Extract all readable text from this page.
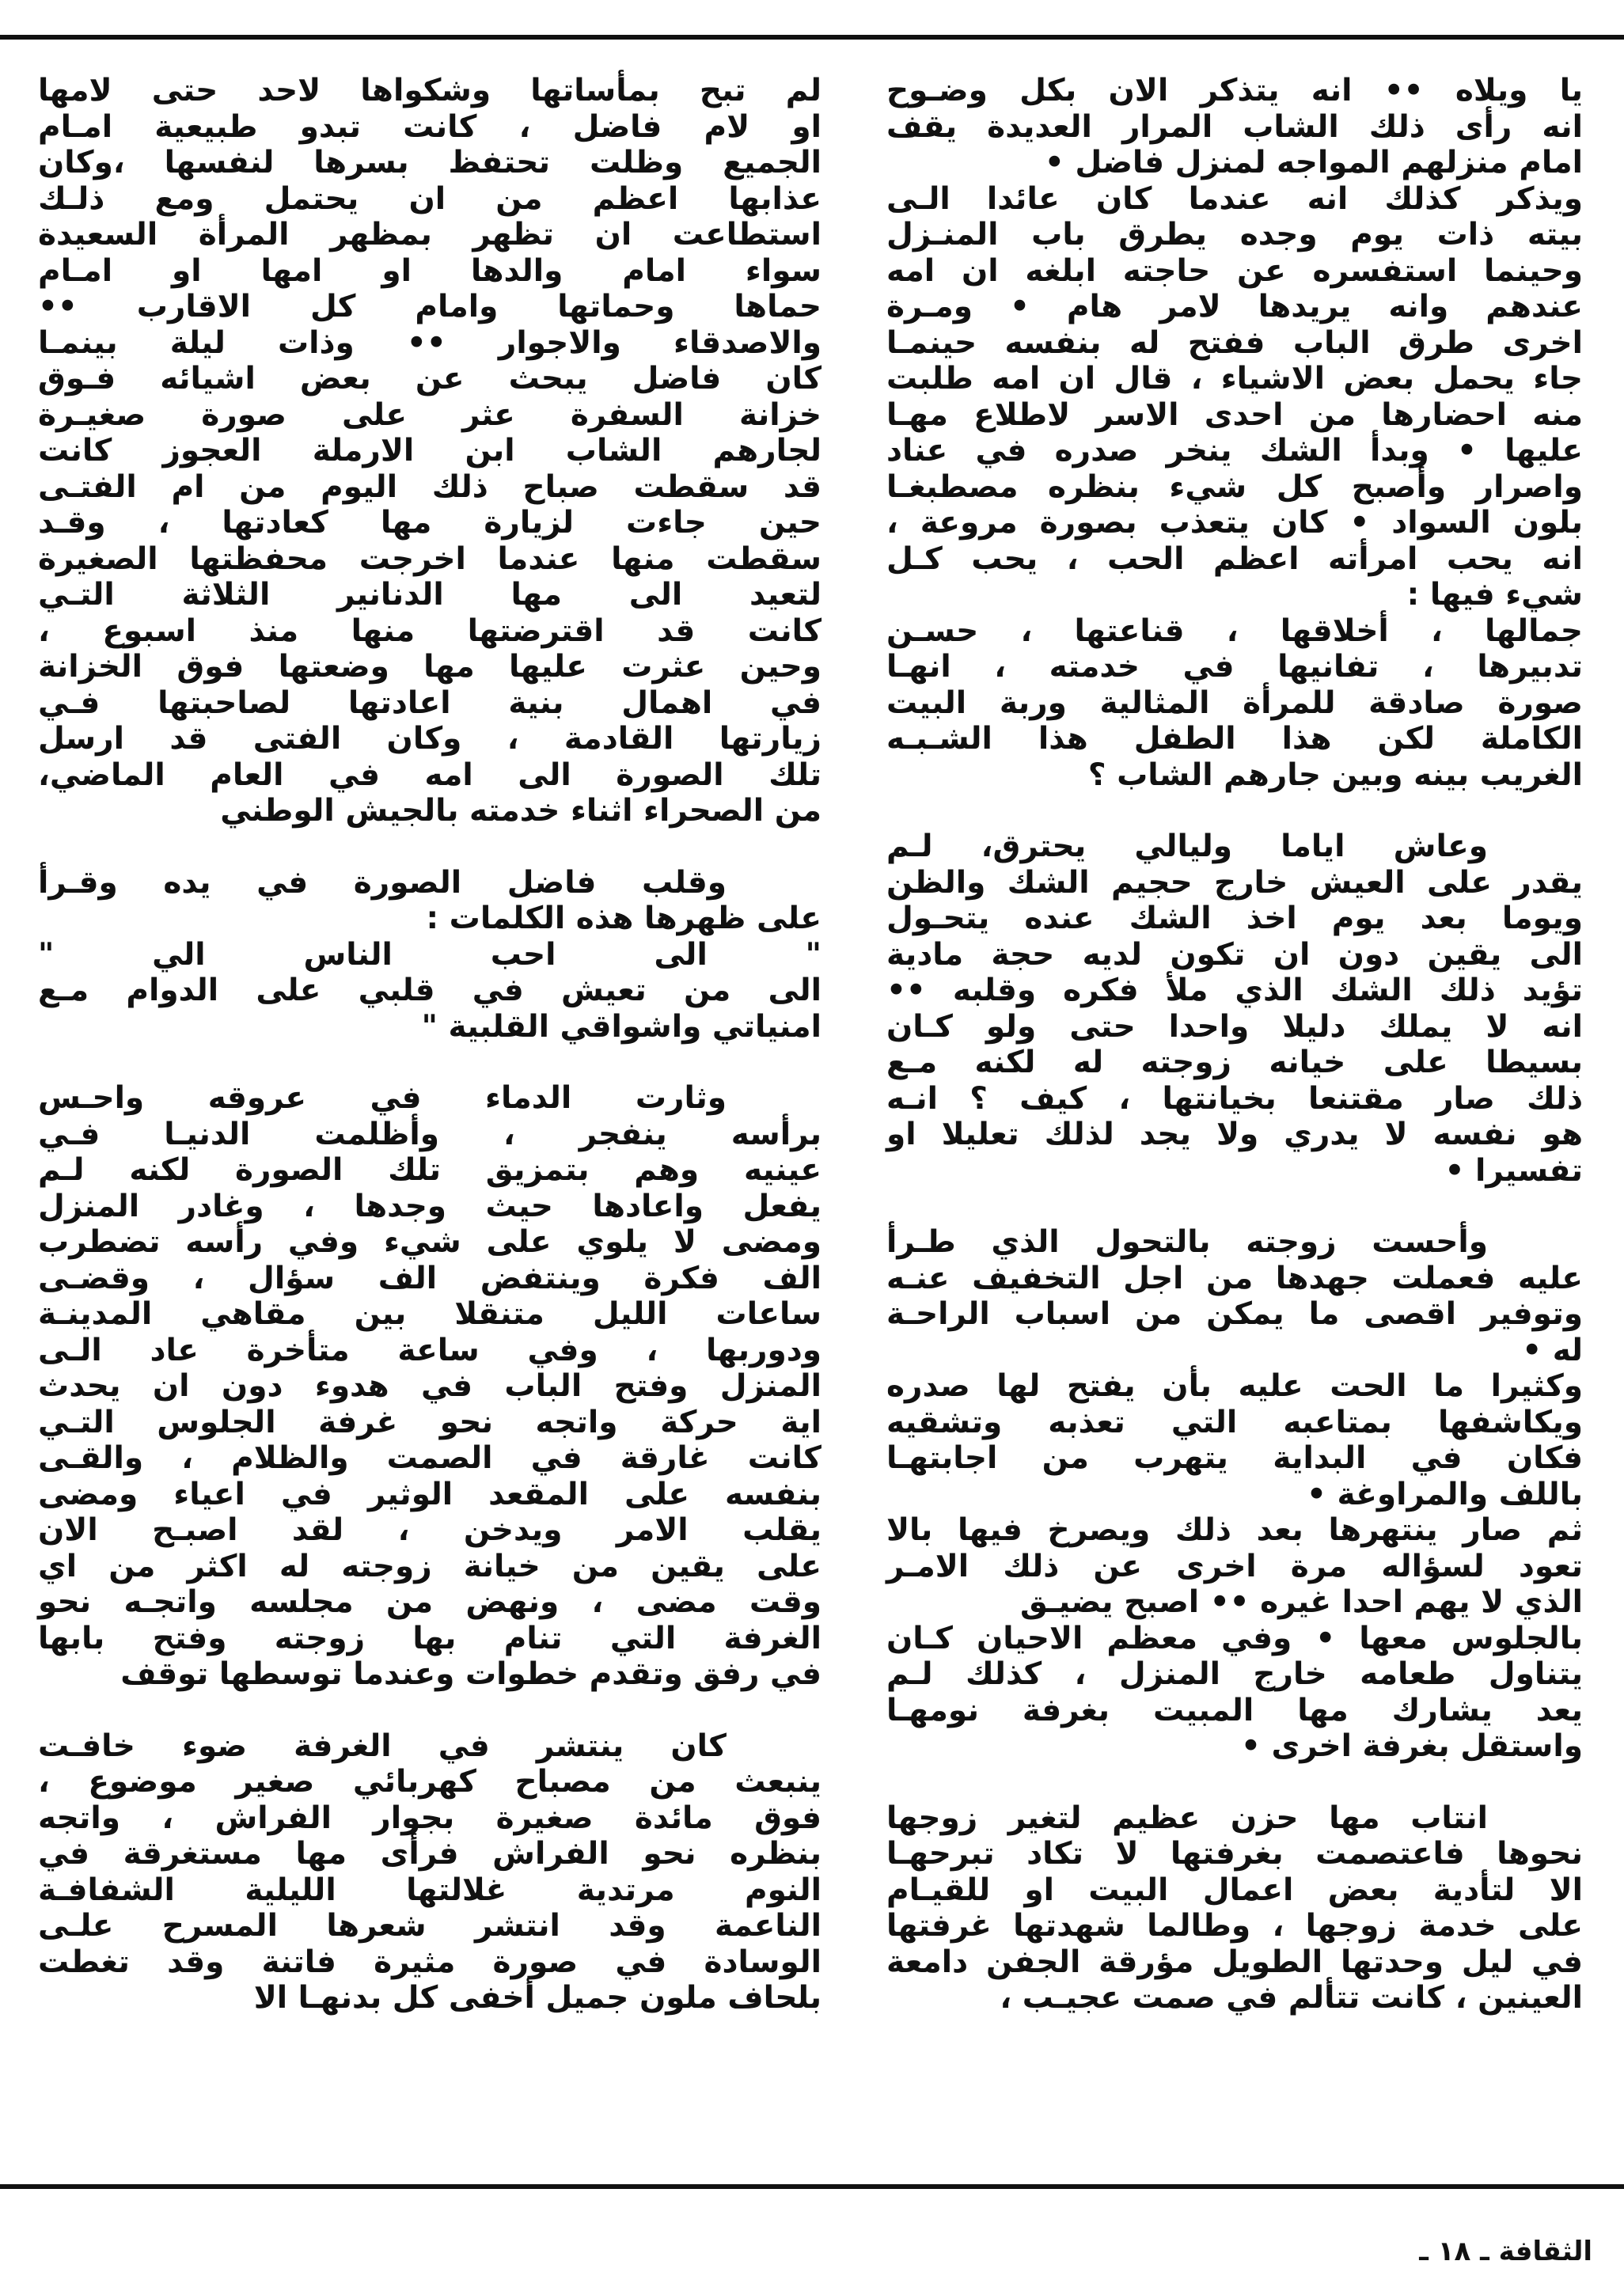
يا ويلاه •• انه يتذكر الان بكل وضـوح
انه رأى ذلك الشاب المرار العديدة يقف
امام منزلهم المواجه لمنزل فاضل •
ويذكر كذلك انه عندما كان عائدا الـى
بيته ذات يوم وجده يطرق باب المنـزل
وحينما استفسره عن حاجته ابلغه ان امه
عندهم وانه يريدها لامر هام • ومـرة
اخرى طرق الباب ففتح له بنفسه حينمـا
جاء يحمل بعض الاشياء ، قال ان امه طلبت
منه احضارها من احدى الاسر لاطلاع مهـا
عليها • وبدأ الشك ينخر صدره في عناد
واصرار وأصبح كل شيء بنظره مصطبغـا
بلون السواد • كان يتعذب بصورة مروعة ،
انه يحب امرأته اعظم الحب ، يحب كـل
شيء فيها :
جمالها ، أخلاقها ، قناعتها ، حسـن
تدبيرها ، تفانيها في خدمته ، انهـا
صورة صادقة للمرأة المثالية وربة البيت
الكاملة لكن هذا الطفل هذا الشـبـه
الغريب بينه وبين جارهم الشاب ؟
وعاش اياما وليالي يحترق، لـم
يقدر على العيش خارج حجيم الشك والظن
ويوما بعد يوم اخذ الشك عنده يتحـول
الى يقين دون ان تكون لديه حجة مادية
تؤيد ذلك الشك الذي ملأ فكره وقلبه ••
انه لا يملك دليلا واحدا حتى ولو كـان
بسيطا على خيانه زوجته له لكنه مـع
ذلك صار مقتنعا بخيانتها ، كيف ؟ انـه
هو نفسه لا يدري ولا يجد لذلك تعليلا او
تفسيرا •
وأحست زوجته بالتحول الذي طـرأ
عليه فعملت جهدها من اجل التخفيف عنـه
وتوفير اقصى ما يمكن من اسباب الراحـة
له •
وكثيرا ما الحت عليه بأن يفتح لها صدره
ويكاشفها بمتاعبه التي تعذبه وتشقيه
فكان في البداية يتهرب من اجابتهـا
باللف والمراوغة •
ثم صار ينتهرها بعد ذلك ويصرخ فيها بالا
تعود لسؤاله مرة اخرى عن ذلك الامـر
الذي لا يهم احدا غيره •• اصبح يضيـق
بالجلوس معها • وفي معظم الاحيان كـان
يتناول طعامه خارج المنزل ، كذلك لـم
يعد يشارك مها المبيت بغرفة نومهـا
واستقل بغرفة اخرى •
انتاب مها حزن عظيم لتغير زوجها
نحوها فاعتصمت بغرفتها لا تكاد تبرحهـا
الا لتأدية بعض اعمال البيت او للقيـام
على خدمة زوجها ، وطالما شهدتها غرفتها
في ليل وحدتها الطويل مؤرقة الجفن دامعة
العينين ، كانت تتألم في صمت عجيـب ،
لم تبح بمأساتها وشكواها لاحد حتى لامها
او لام فاضل ، كانت تبدو طبيعية امـام
الجميع وظلت تحتفظ بسرها لنفسها ،وكان
عذابها اعظم من ان يحتمل ومع ذلـك
استطاعت ان تظهر بمظهر المرأة السعيدة
سواء امام والدها او امها او امـام
حماها وحماتها وامام كل الاقارب ••
والاصدقاء والاجوار •• وذات ليلة بينمـا
كان فاضل يبحث عن بعض اشيائه فـوق
خزانة السفرة عثر على صورة صغيـرة
لجارهم الشاب ابن الارملة العجوز كانت
قد سقطت صباح ذلك اليوم من ام الفتـى
حين جاءت لزيارة مها كعادتها ، وقـد
سقطت منها عندما اخرجت محفظتها الصغيرة
لتعيد الى مها الدنانير الثلاثة التـي
كانت قد اقترضتها منها منذ اسبوع ،
وحين عثرت عليها مها وضعتها فوق الخزانة
في اهمال بنية اعادتها لصاحبتها فـي
زيارتها القادمة ، وكان الفتى قد ارسل
تلك الصورة الى امه في العام الماضي،
من الصحراء اثناء خدمته بالجيش الوطني
وقلب فاضل الصورة في يده وقـرأ
على ظهرها هذه الكلمات :
" الى احب الناس الي "
الى من تعيش في قلبي على الدوام مـع
امنياتي واشواقي القلبية "
وثارت الدماء في عروقه واحـس
برأسه ينفجر ، وأظلمت الدنيـا فـي
عينيه وهم بتمزيق تلك الصورة لكنه لـم
يفعل واعادها حيث وجدها ، وغادر المنزل
ومضى لا يلوي على شيء وفي رأسه تضطرب
الف فكرة وينتفض الف سؤال ، وقضـى
ساعات الليل متنقلا بين مقاهي المدينـة
ودوربها ، وفي ساعة متأخرة عاد الـى
المنزل وفتح الباب في هدوء دون ان يحدث
اية حركة واتجه نحو غرفة الجلوس التـي
كانت غارقة في الصمت والظلام ، والقـى
بنفسه على المقعد الوثير في اعياء ومضى
يقلب الامر ويدخن ، لقد اصبـح الان
على يقين من خيانة زوجته له اكثر من اي
وقت مضى ، ونهض من مجلسه واتجـه نحو
الغرفة التي تنام بها زوجته وفتح بابها
في رفق وتقدم خطوات وعندما توسطها توقف
كان ينتشر في الغرفة ضوء خافـت
ينبعث من مصباح كهربائي صغير موضوع ،
فوق مائدة صغيرة بجوار الفراش ، واتجه
بنظره نحو الفراش فرأى مها مستغرقة في
النوم مرتدية غلالتها الليلية الشفافـة
الناعمة وقد انتشر شعرها المسرح علـى
الوسادة في صورة مثيرة فاتنة وقد تغطت
بلحاف ملون جميل أخفى كل بدنهـا الا
الثقافة ـ ١٨ ـ
